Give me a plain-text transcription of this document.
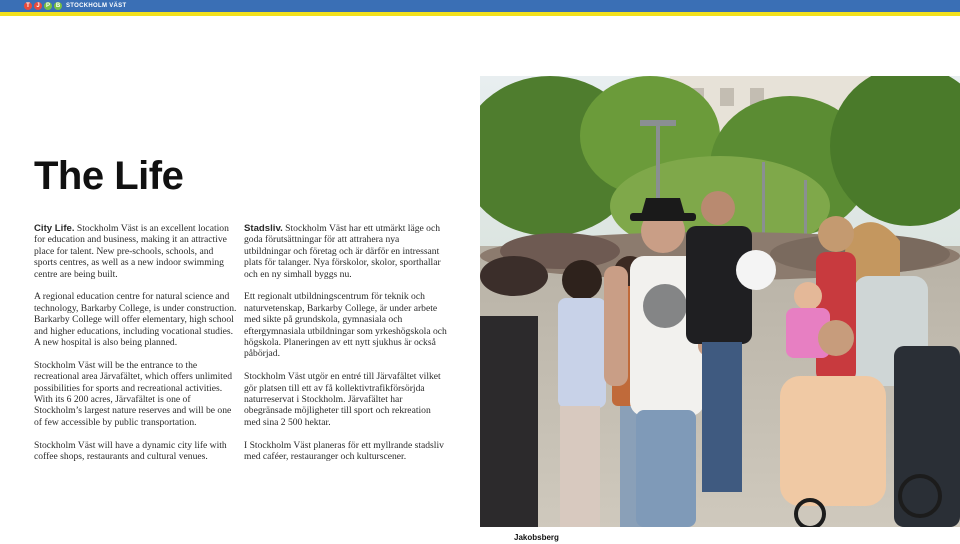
T	J	P B STOCKHOLM VÄST
The Life

City Life. Stockholm Väst is an excellent location for education and business, making it an attractive place for talent. New pre-schools, schools, and sports centres, as well as a new indoor swimming centre are being built.

A regional education centre for natural science and technology, Barkarby College, is under construction. Barkarby College will offer elementary, high school and higher educations, including vocational studies. A new hospital is also being planned.

Stockholm Väst will be the entrance to the recreational area Järvafältet, which offers unlimited possibilities for sports and recreational activities. With its 6 200 acres, Järvafältet is one of Stockholm’s largest nature reserves and will be one of few accessible by public transportation.

Stockholm Väst will have a dynamic city life with coffee shops, restaurants and cultural venues.

Stadsliv. Stockholm Väst har ett utmärkt läge och goda förutsättningar för att attrahera nya utbildningar och företag och är därför en intressant plats för talanger. Nya förskolor, skolor, sporthallar och en ny simhall byggs nu.

Ett regionalt utbildningscentrum för teknik och naturvetenskap, Barkarby College, är under arbete med sikte på grundskola, gymnasiala och eftergymnasiala utbildningar som yrkeshögskola och högskola. Planeringen av ett nytt sjukhus är också påbörjad.

Stockholm Väst utgör en entré till Järvafältet vilket gör platsen till ett av få kollektivtrafikförsörjda naturreservat i Stockholm. Järvafältet har obegränsade möjligheter till sport och rekreation med sina 2 500 hektar.

I Stockholm Väst planeras för ett myllrande stadsliv med caféer, restauranger och kulturscener.

Jakobsberg
